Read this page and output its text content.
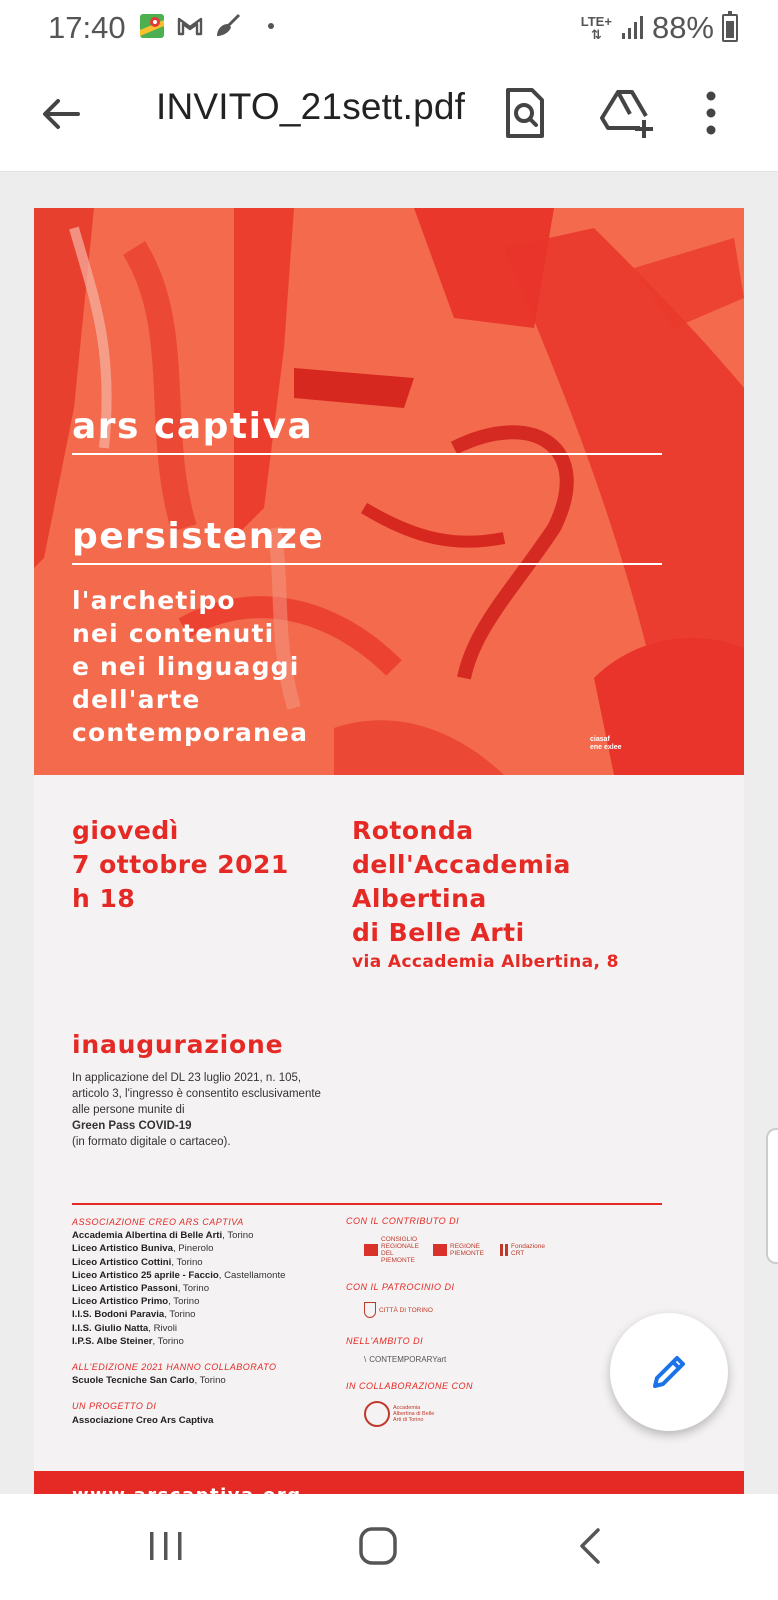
17:40	LTE+
⇅	88%
INVITO_21sett.pdf
ars captiva
persistenze
l'archetipo
nei contenuti
e nei linguaggi
dell'arte
contemporanea	ciasaf
ene exlee
giovedì
7 ottobre 2021
h 18
Rotonda
dell'Accademia
Albertina
di Belle Arti
via Accademia Albertina, 8
inaugurazione
In applicazione del DL 23 luglio 2021, n. 105, articolo 3, l'ingresso è consentito esclusivamente alle persone munite di
Green Pass COVID-19
(in formato digitale o cartaceo).
ASSOCIAZIONE CREO ARS CAPTIVA
Accademia Albertina di Belle Arti, Torino
Liceo Artistico Buniva, Pinerolo
Liceo Artistico Cottini, Torino
Liceo Artistico 25 aprile - Faccio, Castellamonte
Liceo Artistico Passoni, Torino
Liceo Artistico Primo, Torino
I.I.S. Bodoni Paravia, Torino
I.I.S. Giulio Natta, Rivoli
I.P.S. Albe Steiner, Torino
ALL'EDIZIONE 2021 HANNO COLLABORATO
Scuole Tecniche San Carlo, Torino
UN PROGETTO DI
Associazione Creo Ars Captiva
CON IL CONTRIBUTO DI
CONSIGLIO REGIONALE DEL PIEMONTE
REGIONE PIEMONTE
Fondazione CRT
CON IL PATROCINIO DI
CITTÀ DI TORINO
NELL'AMBITO DI
\ CONTEMPORARYart
IN COLLABORAZIONE CON
Accademia Albertina di Belle Arti di Torino
